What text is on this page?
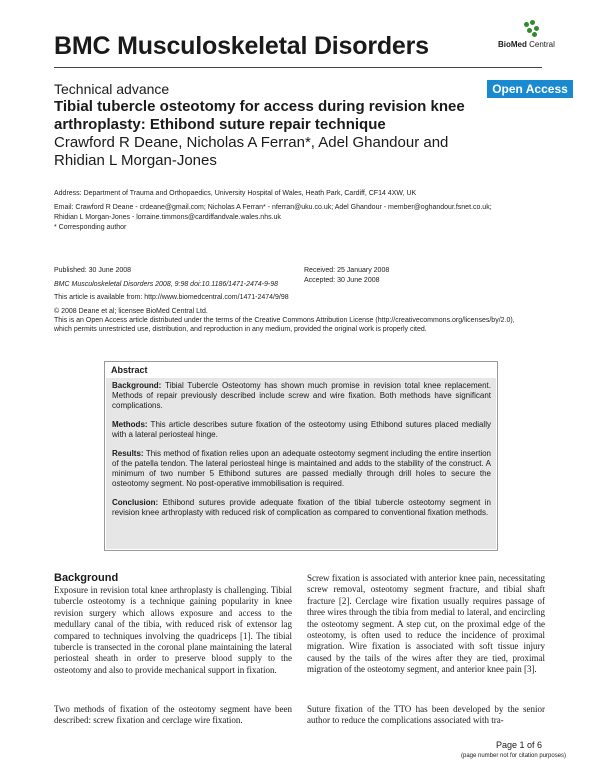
BMC Musculoskeletal Disorders	BioMed Central
Technical advance	Open Access
Tibial tubercle osteotomy for access during revision knee arthroplasty: Ethibond suture repair technique
Crawford R Deane, Nicholas A Ferran*, Adel Ghandour and Rhidian L Morgan-Jones
Address: Department of Trauma and Orthopaedics, University Hospital of Wales, Heath Park, Cardiff, CF14 4XW, UK
Email: Crawford R Deane - crdeane@gmail.com; Nicholas A Ferran* - nferran@uku.co.uk; Adel Ghandour - member@oghandour.fsnet.co.uk;
Rhidian L Morgan-Jones - lorraine.timmons@cardiffandvale.wales.nhs.uk
* Corresponding author
Published: 30 June 2008
BMC Musculoskeletal Disorders 2008, 9:98 doi:10.1186/1471-2474-9-98
Received: 25 January 2008
Accepted: 30 June 2008
This article is available from: http://www.biomedcentral.com/1471-2474/9/98
© 2008 Deane et al; licensee BioMed Central Ltd.
This is an Open Access article distributed under the terms of the Creative Commons Attribution License (http://creativecommons.org/licenses/by/2.0),
which permits unrestricted use, distribution, and reproduction in any medium, provided the original work is properly cited.
Abstract

Background: Tibial Tubercle Osteotomy has shown much promise in revision total knee replacement. Methods of repair previously described include screw and wire fixation. Both methods have significant complications.

Methods: This article describes suture fixation of the osteotomy using Ethibond sutures placed medially with a lateral periosteal hinge.

Results: This method of fixation relies upon an adequate osteotomy segment including the entire insertion of the patella tendon. The lateral periosteal hinge is maintained and adds to the stability of the construct. A minimum of two number 5 Ethibond sutures are passed medially through drill holes to secure the osteotomy segment. No post-operative immobilisation is required.

Conclusion: Ethibond sutures provide adequate fixation of the tibial tubercle osteotomy segment in revision knee arthroplasty with reduced risk of complication as compared to conventional fixation methods.

Background
Exposure in revision total knee arthroplasty is challenging. Tibial tubercle osteotomy is a technique gaining popularity in knee revision surgery which allows exposure and access to the medullary canal of the tibia, with reduced risk of extensor lag compared to techniques involving the quadriceps [1]. The tibial tubercle is transected in the coronal plane maintaining the lateral periosteal sheath in order to preserve blood supply to the osteotomy and also to provide mechanical support in fixation.
Two methods of fixation of the osteotomy segment have been described: screw fixation and cerclage wire fixation.
Screw fixation is associated with anterior knee pain, necessitating screw removal, osteotomy segment fracture, and tibial shaft fracture [2]. Cerclage wire fixation usually requires passage of three wires through the tibia from medial to lateral, and encircling the osteotomy segment. A step cut, on the proximal edge of the osteotomy, is often used to reduce the incidence of proximal migration. Wire fixation is associated with soft tissue injury caused by the tails of the wires after they are tied, proximal migration of the osteotomy segment, and anterior knee pain [3].
Suture fixation of the TTO has been developed by the senior author to reduce the complications associated with tra-
Page 1 of 6
(page number not for citation purposes)
